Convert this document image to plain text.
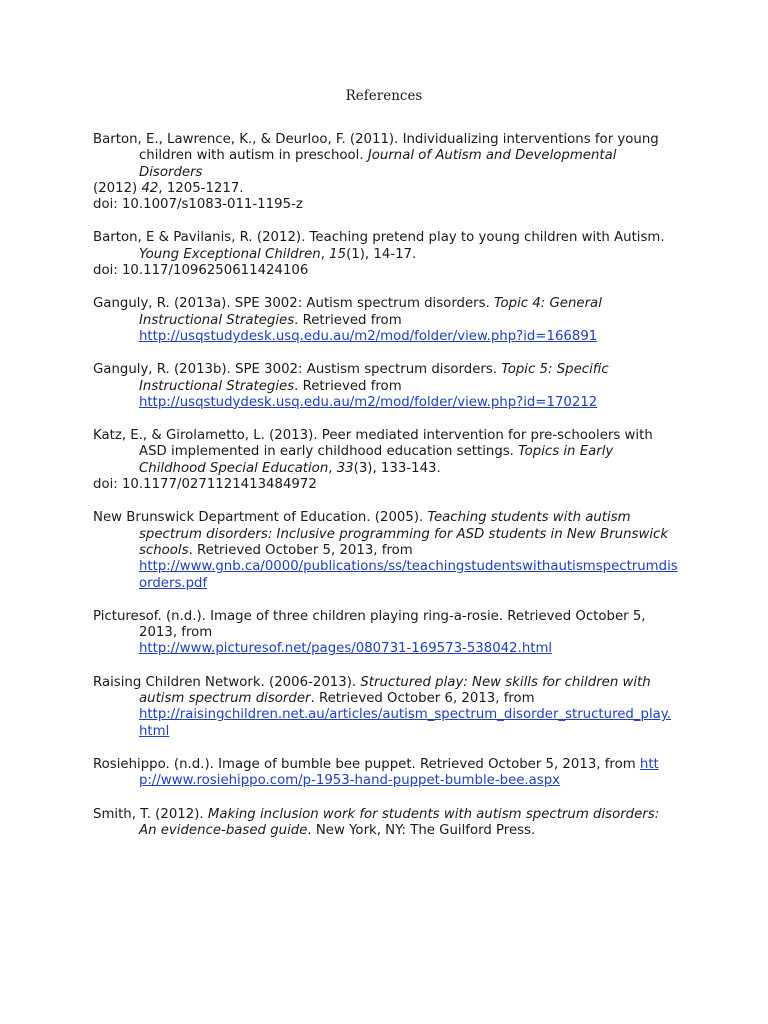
References
Barton, E., Lawrence, K., & Deurloo, F. (2011). Individualizing interventions for young children with autism in preschool. Journal of Autism and Developmental Disorders
(2012) 42, 1205-1217.
doi: 10.1007/s1083-011-1195-z
Barton, E & Pavilanis, R. (2012). Teaching pretend play to young children with Autism. Young Exceptional Children, 15(1), 14-17.
doi: 10.117/1096250611424106
Ganguly, R. (2013a). SPE 3002: Autism spectrum disorders. Topic 4: General Instructional Strategies. Retrieved from
http://usqstudydesk.usq.edu.au/m2/mod/folder/view.php?id=166891
Ganguly, R. (2013b). SPE 3002: Austism spectrum disorders. Topic 5: Specific Instructional Strategies. Retrieved from
http://usqstudydesk.usq.edu.au/m2/mod/folder/view.php?id=170212
Katz, E., & Girolametto, L. (2013). Peer mediated intervention for pre-schoolers with ASD implemented in early childhood education settings. Topics in Early Childhood Special Education, 33(3), 133-143.
doi: 10.1177/0271121413484972
New Brunswick Department of Education. (2005). Teaching students with autism spectrum disorders: Inclusive programming for ASD students in New Brunswick schools. Retrieved October 5, 2013, from
http://www.gnb.ca/0000/publications/ss/teachingstudentswithautismspectrumdisorders.pdf
Picturesof. (n.d.). Image of three children playing ring-a-rosie. Retrieved October 5, 2013, from
http://www.picturesof.net/pages/080731-169573-538042.html
Raising Children Network. (2006-2013). Structured play: New skills for children with autism spectrum disorder. Retrieved October 6, 2013, from
http://raisingchildren.net.au/articles/autism_spectrum_disorder_structured_play.html
Rosiehippo. (n.d.). Image of bumble bee puppet. Retrieved October 5, 2013, from http://www.rosiehippo.com/p-1953-hand-puppet-bumble-bee.aspx
Smith, T. (2012). Making inclusion work for students with autism spectrum disorders: An evidence-based guide. New York, NY: The Guilford Press.
